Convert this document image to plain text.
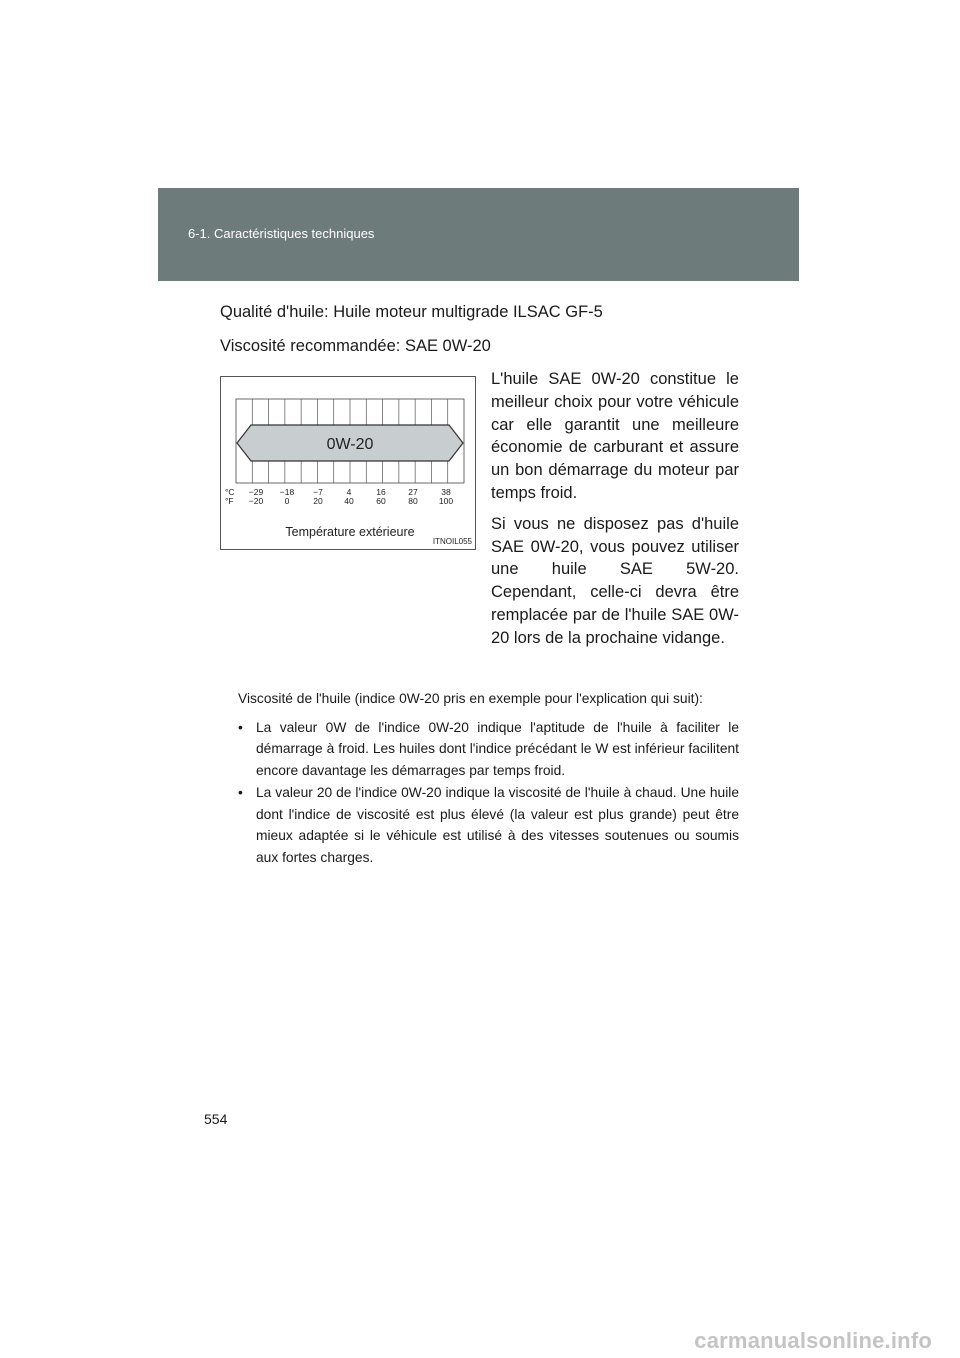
6-1. Caractéristiques techniques
Qualité d'huile: Huile moteur multigrade ILSAC GF-5
Viscosité recommandée: SAE 0W-20
0W-20
°C
°F
−29 −18 −7	4	16	27	38
−20	0	20	40	60	80 100
Température extérieure
ITNOIL055

L'huile SAE 0W-20 constitue le meilleur choix pour votre véhicule car elle garantit une meilleure économie de carburant et assure un bon démarrage du moteur par temps froid.

Si vous ne disposez pas d'huile SAE 0W-20, vous pouvez utiliser une huile SAE 5W-20. Cependant, celle-ci devra être remplacée par de l'huile SAE 0W-20 lors de la prochaine vidange.

Viscosité de l'huile (indice 0W-20 pris en exemple pour l'explication qui suit):

• La valeur 0W de l'indice 0W-20 indique l'aptitude de l'huile à faciliter le démarrage à froid. Les huiles dont l'indice précédant le W est inférieur facilitent encore davantage les démarrages par temps froid.
• La valeur 20 de l'indice 0W-20 indique la viscosité de l'huile à chaud. Une huile dont l'indice de viscosité est plus élevé (la valeur est plus grande) peut être mieux adaptée si le véhicule est utilisé à des vitesses soutenues ou soumis aux fortes charges.
554
carmanualsonline.info
